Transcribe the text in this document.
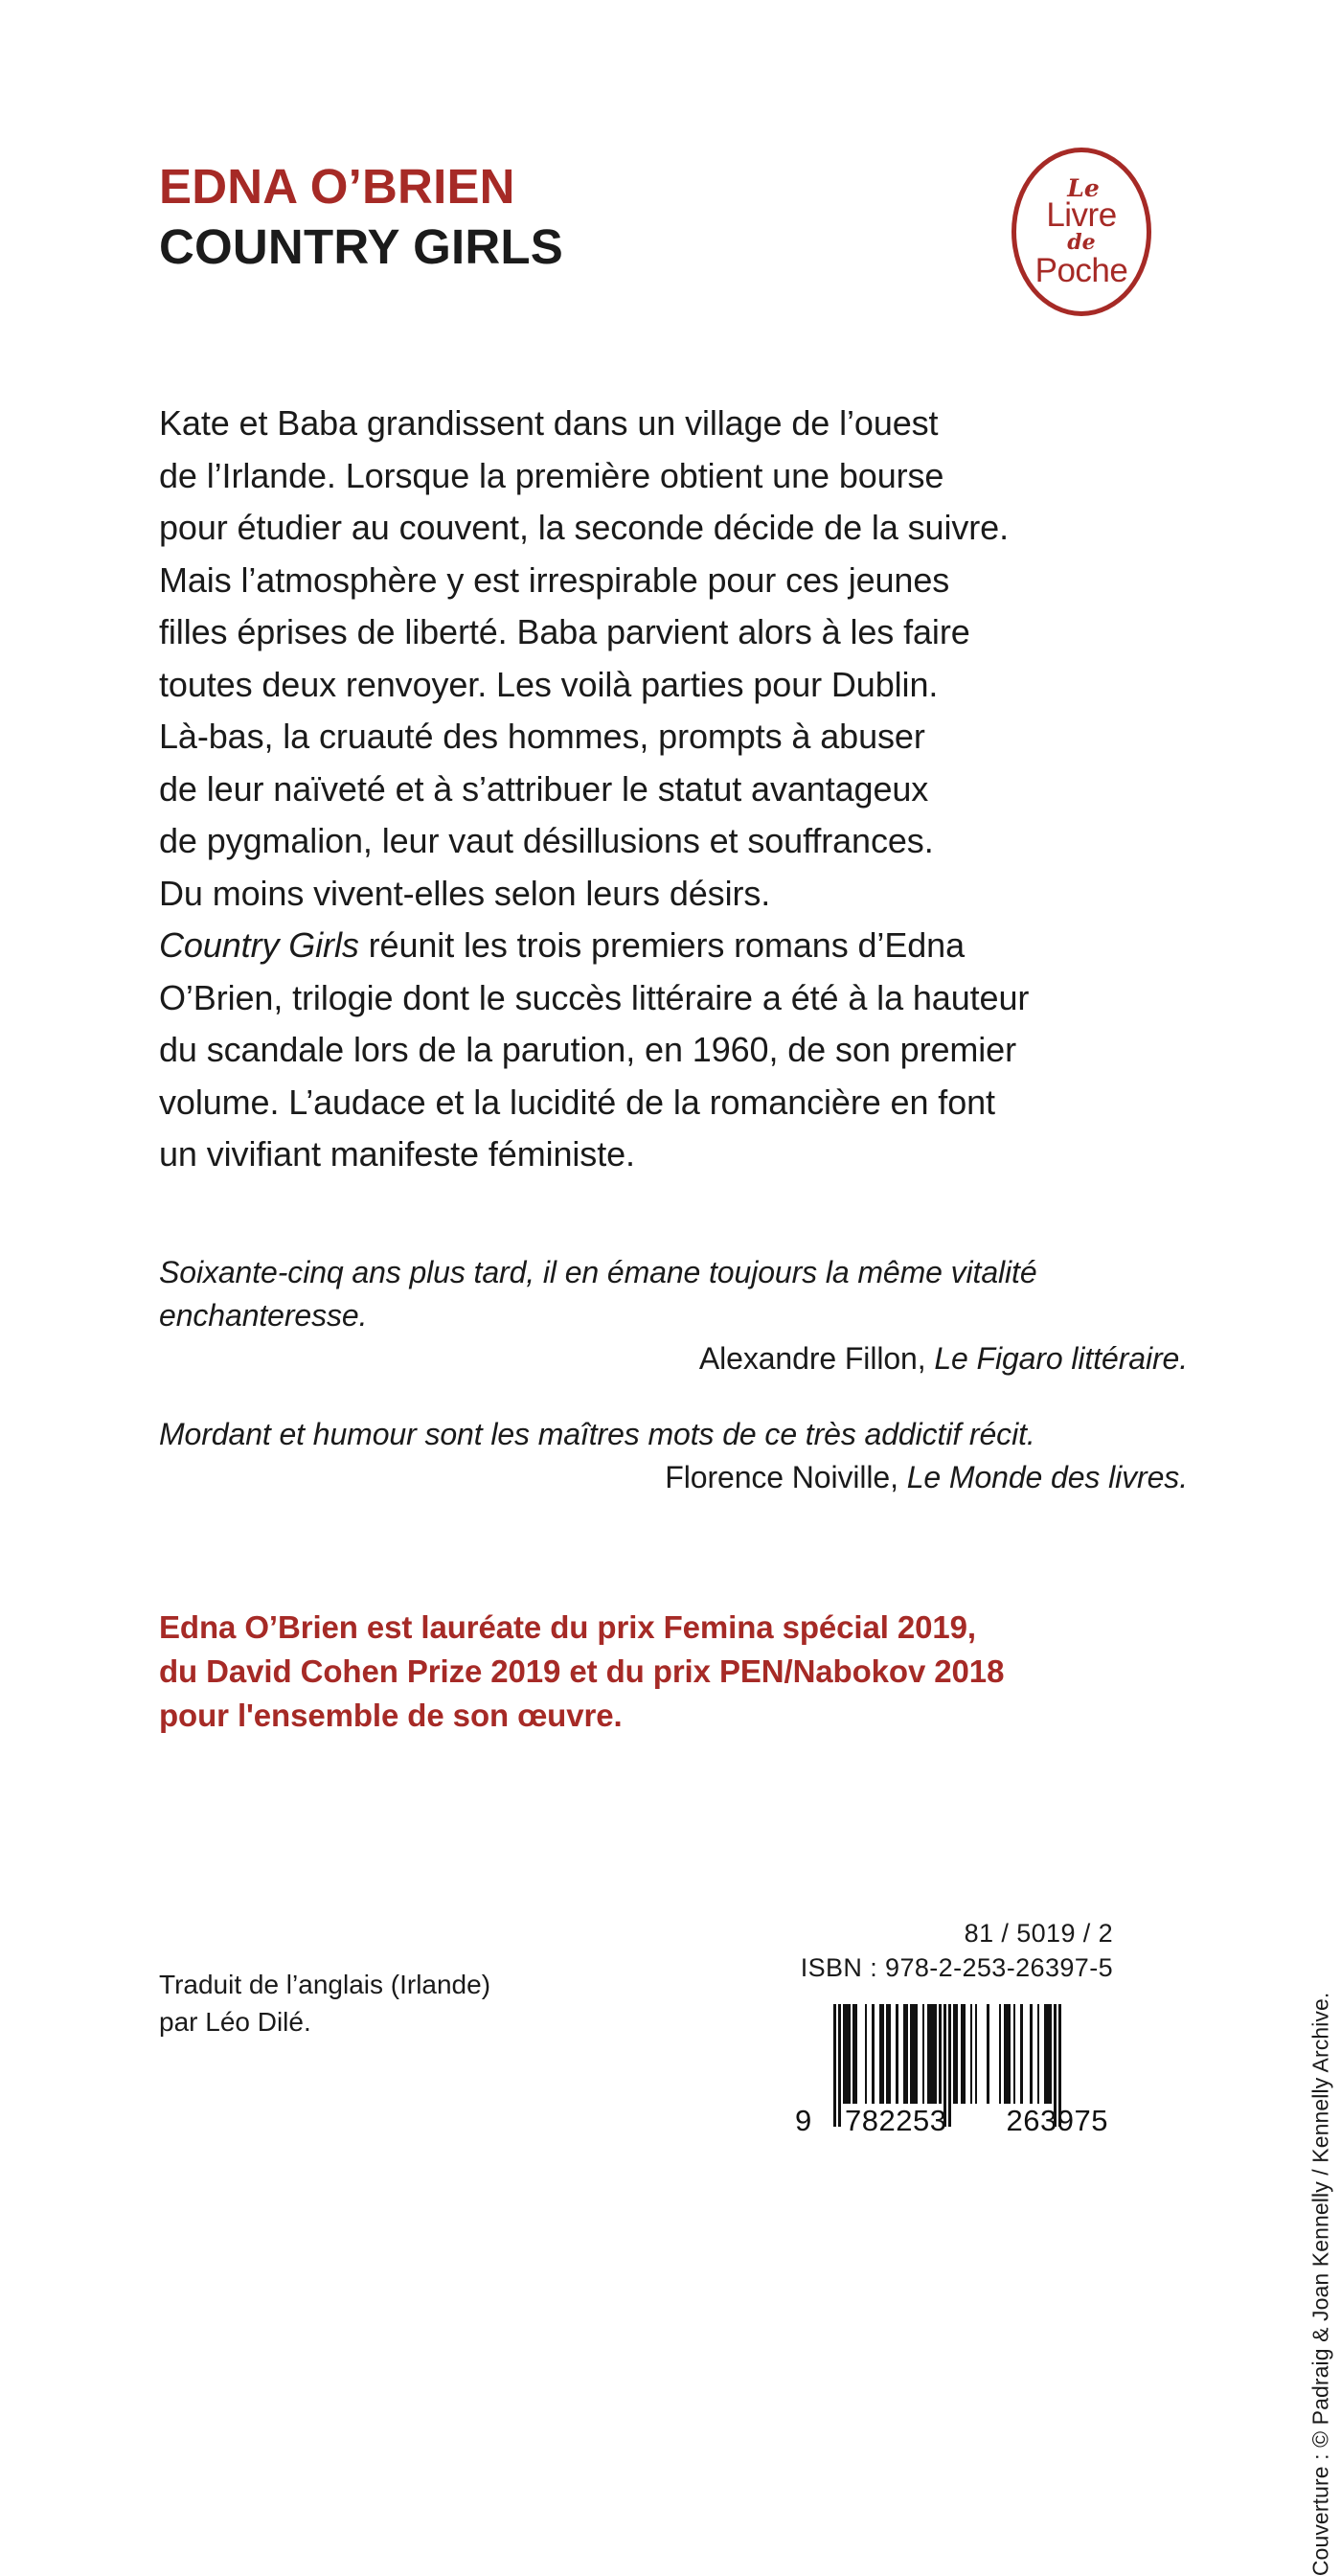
EDNA O’BRIEN
COUNTRY GIRLS
Le
Livre
de
Poche

Kate et Baba grandissent dans un village de l’ouest

de l’Irlande. Lorsque la première obtient une bourse

pour étudier au couvent, la seconde décide de la suivre.

Mais l’atmosphère y est irrespirable pour ces jeunes

filles éprises de liberté. Baba parvient alors à les faire

toutes deux renvoyer. Les voilà parties pour Dublin.

Là-bas, la cruauté des hommes, prompts à abuser

de leur naïveté et à s’attribuer le statut avantageux

de pygmalion, leur vaut désillusions et souffrances.

Du moins vivent-elles selon leurs désirs.

Country Girls réunit les trois premiers romans d’Edna

O’Brien, trilogie dont le succès littéraire a été à la hauteur

du scandale lors de la parution, en 1960, de son premier

volume. L’audace et la lucidité de la romancière en font

un vivifiant manifeste féministe.

Soixante-cinq ans plus tard, il en émane toujours la même vitalité
enchanteresse.
Alexandre Fillon, Le Figaro littéraire.
Mordant et humour sont les maîtres mots de ce très addictif récit.
Florence Noiville, Le Monde des livres.

Edna O’Brien est lauréate du prix Femina spécial 2019,

du David Cohen Prize 2019 et du prix PEN/Nabokov 2018

pour l'ensemble de son œuvre.

Traduit de l’anglais (Irlande)

par Léo Dilé.

81 / 5019 / 2
ISBN : 978-2-253-26397-5
9 782253 263975	Couverture : © Padraig & Joan Kennelly / Kennelly Archive.
